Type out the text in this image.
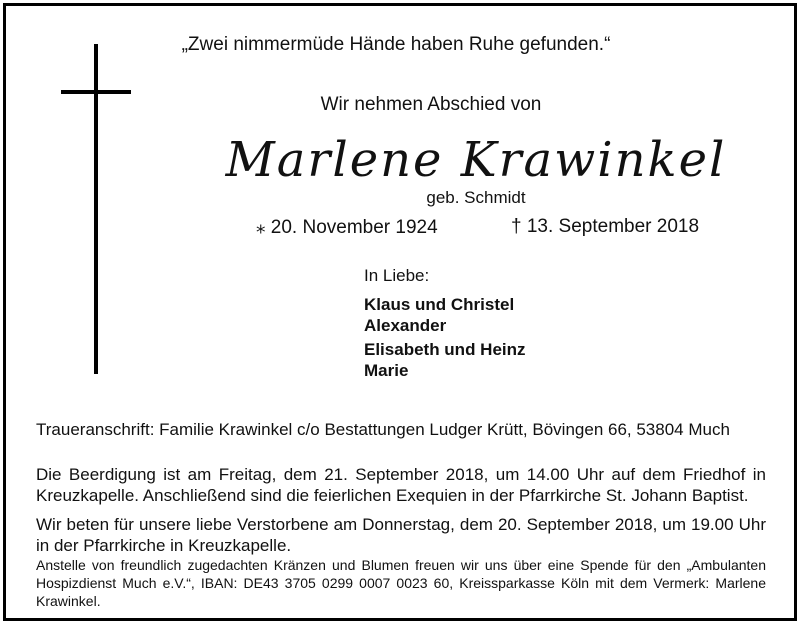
„Zwei nimmermüde Hände haben Ruhe gefunden.“
Wir nehmen Abschied von
Marlene Krawinkel
geb. Schmidt
⁎ 20. November 1924	† 13. September 2018
In Liebe:
Klaus und Christel
Alexander
Elisabeth und Heinz
Marie
Traueranschrift: Familie Krawinkel c/o Bestattungen Ludger Krütt, Bövingen 66, 53804 Much
Die Beerdigung ist am Freitag, dem 21. September 2018, um 14.00 Uhr auf dem Friedhof in Kreuzkapelle. Anschließend sind die feierlichen Exequien in der Pfarrkirche St. Johann Baptist.
Wir beten für unsere liebe Verstorbene am Donnerstag, dem 20. September 2018, um 19.00 Uhr in der Pfarrkirche in Kreuzkapelle.
Anstelle von freundlich zugedachten Kränzen und Blumen freuen wir uns über eine Spende für den „Ambulanten Hospizdienst Much e.V.“, IBAN: DE43 3705 0299 0007 0023 60, Kreissparkasse Köln mit dem Vermerk: Marlene Krawinkel.
